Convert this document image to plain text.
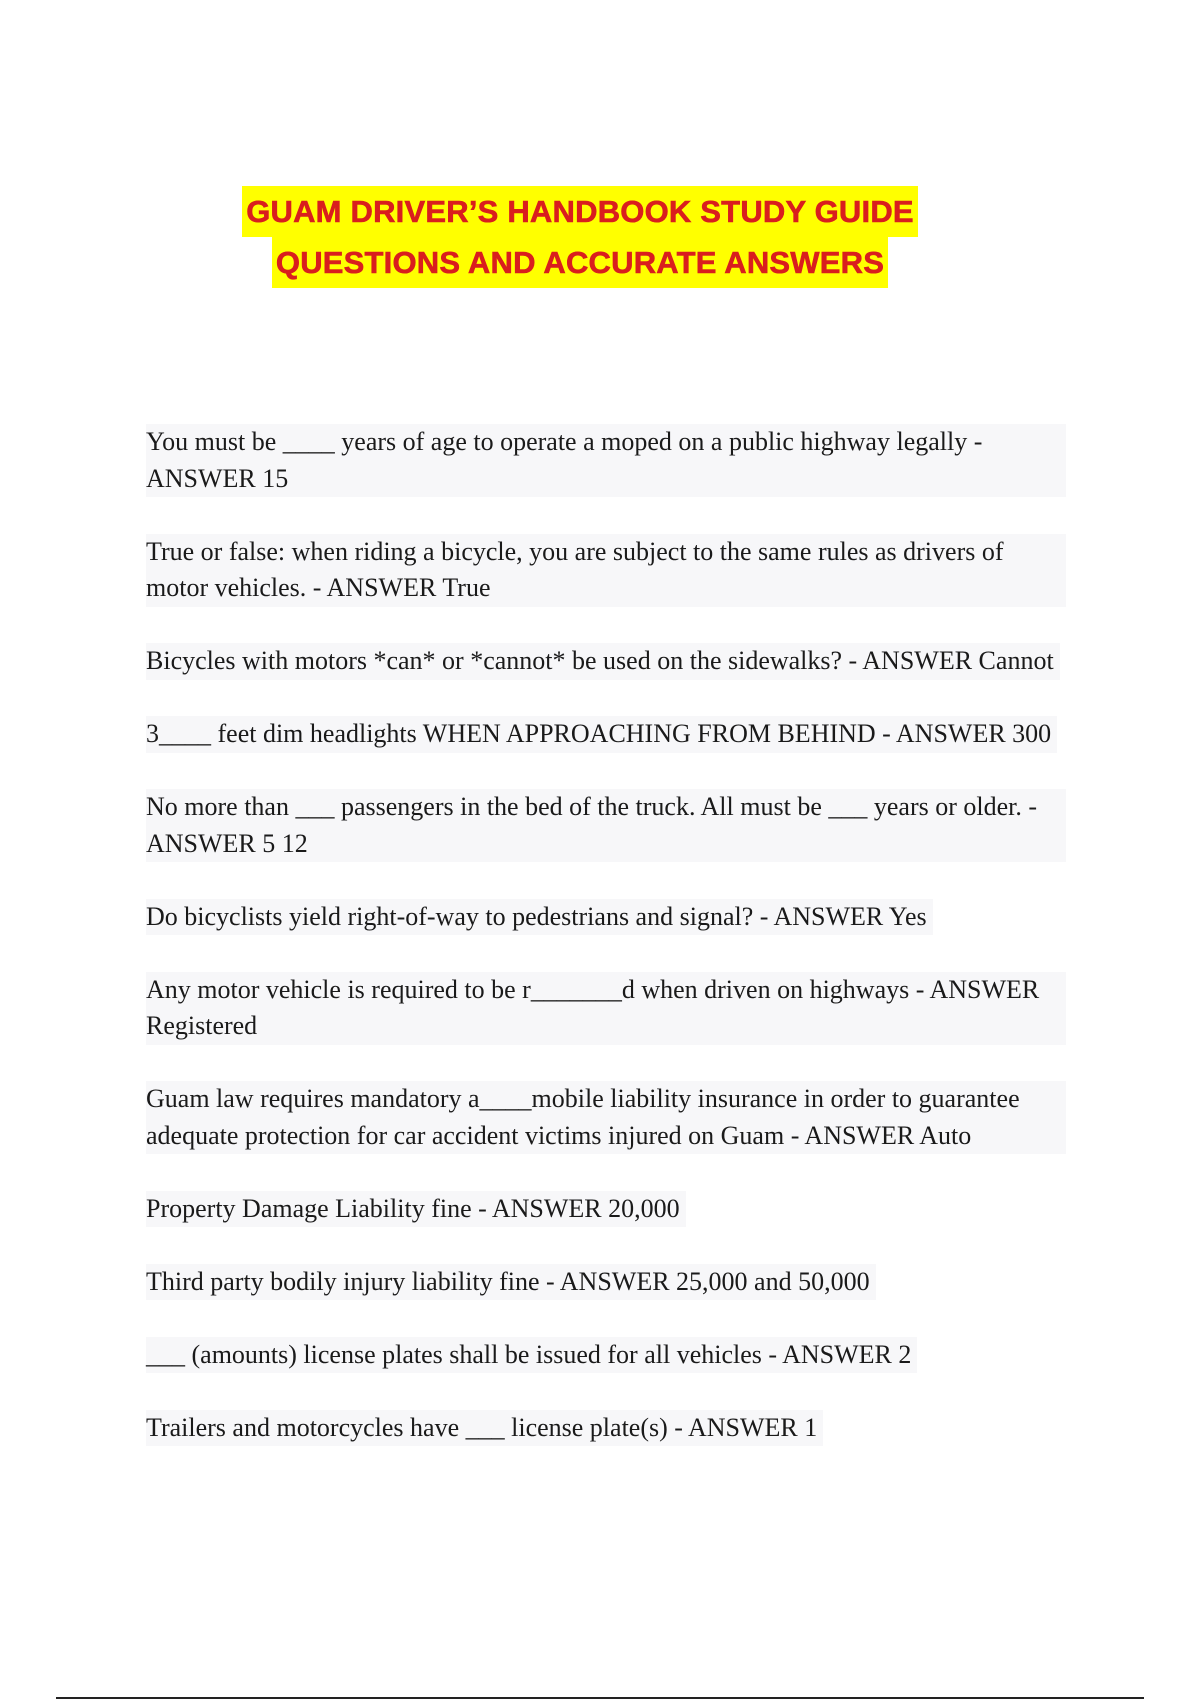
GUAM DRIVER’S HANDBOOK STUDY GUIDE
QUESTIONS AND ACCURATE ANSWERS
You must be ____ years of age to operate a moped on a public highway legally - ANSWER 15
True or false: when riding a bicycle, you are subject to the same rules as drivers of motor vehicles. - ANSWER True
Bicycles with motors *can* or *cannot* be used on the sidewalks? - ANSWER Cannot
3____ feet dim headlights WHEN APPROACHING FROM BEHIND - ANSWER 300
No more than ___ passengers in the bed of the truck. All must be ___ years or older. - ANSWER 5 12
Do bicyclists yield right-of-way to pedestrians and signal? - ANSWER Yes
Any motor vehicle is required to be r_______d when driven on highways - ANSWER Registered
Guam law requires mandatory a____mobile liability insurance in order to guarantee adequate protection for car accident victims injured on Guam - ANSWER Auto
Property Damage Liability fine - ANSWER 20,000
Third party bodily injury liability fine - ANSWER 25,000 and 50,000
___ (amounts) license plates shall be issued for all vehicles - ANSWER 2
Trailers and motorcycles have ___ license plate(s) - ANSWER 1
